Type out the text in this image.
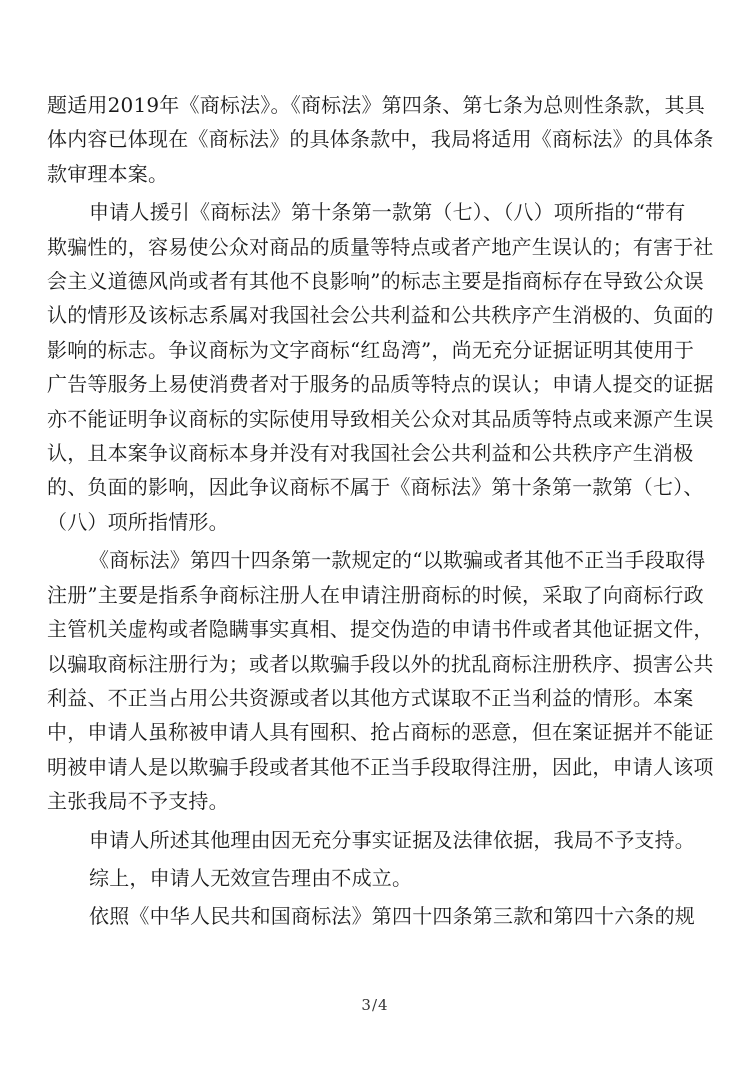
题适用2019年《商标法》。《商标法》第四条、第七条为总则性条款，其具
体内容已体现在《商标法》的具体条款中，我局将适用《商标法》的具体条
款审理本案。
申请人援引《商标法》第十条第一款第（七）、（八）项所指的“带有
欺骗性的，容易使公众对商品的质量等特点或者产地产生误认的；有害于社
会主义道德风尚或者有其他不良影响”的标志主要是指商标存在导致公众误
认的情形及该标志系属对我国社会公共利益和公共秩序产生消极的、负面的
影响的标志。争议商标为文字商标“红岛湾”，尚无充分证据证明其使用于
广告等服务上易使消费者对于服务的品质等特点的误认；申请人提交的证据
亦不能证明争议商标的实际使用导致相关公众对其品质等特点或来源产生误
认，且本案争议商标本身并没有对我国社会公共利益和公共秩序产生消极
的、负面的影响，因此争议商标不属于《商标法》第十条第一款第（七）、
（八）项所指情形。
《商标法》第四十四条第一款规定的“以欺骗或者其他不正当手段取得
注册”主要是指系争商标注册人在申请注册商标的时候，采取了向商标行政
主管机关虚构或者隐瞒事实真相、提交伪造的申请书件或者其他证据文件，
以骗取商标注册行为；或者以欺骗手段以外的扰乱商标注册秩序、损害公共
利益、不正当占用公共资源或者以其他方式谋取不正当利益的情形。本案
中，申请人虽称被申请人具有囤积、抢占商标的恶意，但在案证据并不能证
明被申请人是以欺骗手段或者其他不正当手段取得注册，因此，申请人该项
主张我局不予支持。
申请人所述其他理由因无充分事实证据及法律依据，我局不予支持。
综上，申请人无效宣告理由不成立。
依照《中华人民共和国商标法》第四十四条第三款和第四十六条的规
3/4
